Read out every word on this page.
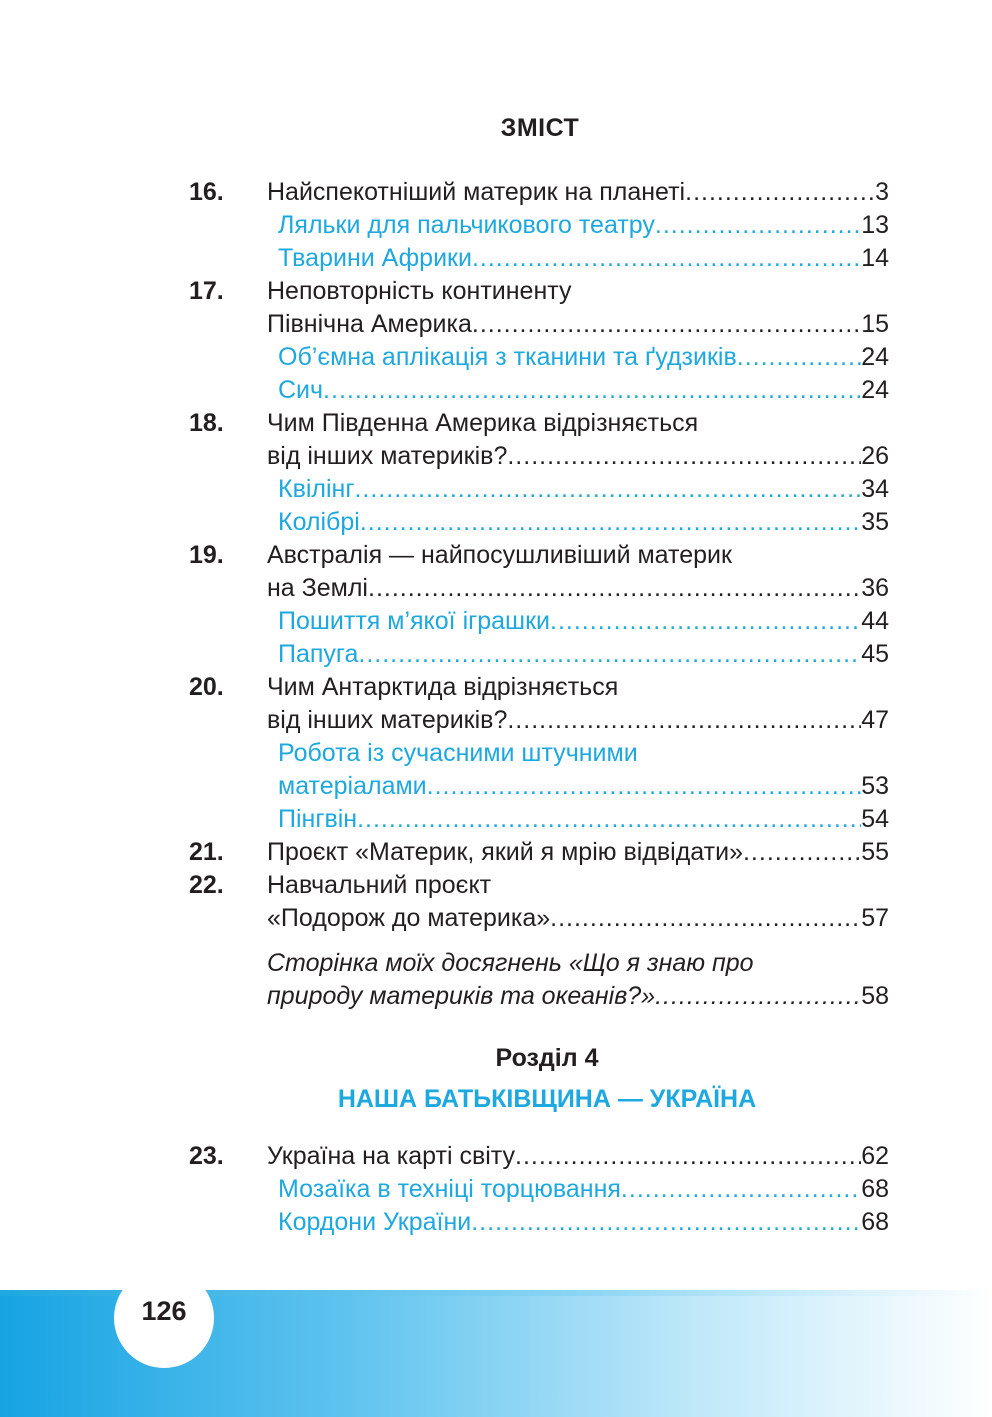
ЗМІСТ
16. Найспекотніший материк на планеті .....	3
Ляльки для пальчикового театру .....	13
Тварини Африки .....	14
17. Неповторність континенту
Північна Америка .....	15
Об’ємна аплікація з тканини та ґудзиків .....	24
Сич .....	24
18. Чим Південна Америка відрізняється
від інших материків? .....	26
Квілінг .....	34
Колібрі .....	35
19. Австралія — найпосушливіший материк
на Землі .....	36
Пошиття м’якої іграшки .....	44
Папуга .....	45
20. Чим Антарктида відрізняється
від інших материків? .....	47
Робота із сучасними штучними
матеріалами .....	53
Пінгвін .....	54
21. Проєкт «Материк, який я мрію відвідати» .....	55
22. Навчальний проєкт
«Подорож до материка» .....	57
Сторінка моїх досягнень «Що я знаю про
природу материків та океанів?» .....	58
Розділ 4
НАША БАТЬКІВЩИНА — УКРАЇНА
23. Україна на карті світу .....	62
Мозаїка в техніці торцювання .....	68
Кордони України .....	68
126
